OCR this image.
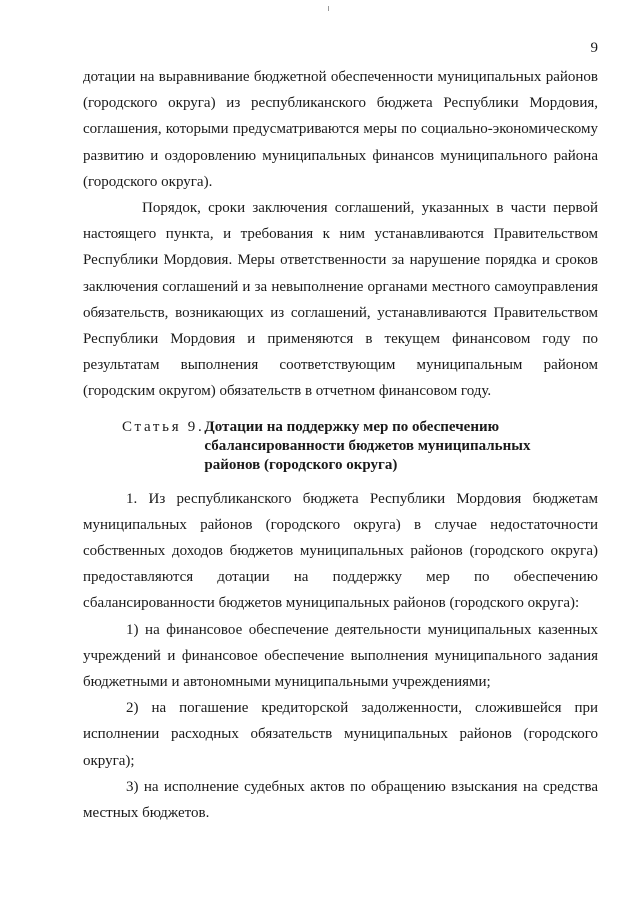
9

дотации на выравнивание бюджетной обеспеченности муниципальных районов (городского округа) из республиканского бюджета Республики Мордовия, соглашения, которыми предусматриваются меры по социально-экономическому развитию и оздоровлению муниципальных финансов муниципального района (городского округа).

Порядок, сроки заключения соглашений, указанных в части первой настоящего пункта, и требования к ним устанавливаются Правительством Республики Мордовия. Меры ответственности за нарушение порядка и сроков заключения соглашений и за невыполнение органами местного самоуправления обязательств, возникающих из соглашений, устанавливаются Правительством Республики Мордовия и применяются в текущем финансовом году по результатам выполнения соответствующим муниципальным районом (городским округом) обязательств в отчетном финансовом году.

Статья 9. Дотации на поддержку мер по обеспечению
сбалансированности бюджетов муниципальных
районов (городского округа)

1. Из республиканского бюджета Республики Мордовия бюджетам муниципальных районов (городского округа) в случае недостаточности собственных доходов бюджетов муниципальных районов (городского округа) предоставляются дотации на поддержку мер по обеспечению сбалансированности бюджетов муниципальных районов (городского округа):

1) на финансовое обеспечение деятельности муниципальных казенных учреждений и финансовое обеспечение выполнения муниципального задания бюджетными и автономными муниципальными учреждениями;

2) на погашение кредиторской задолженности, сложившейся при исполнении расходных обязательств муниципальных районов (городского округа);

3) на исполнение судебных актов по обращению взыскания на средства местных бюджетов.
